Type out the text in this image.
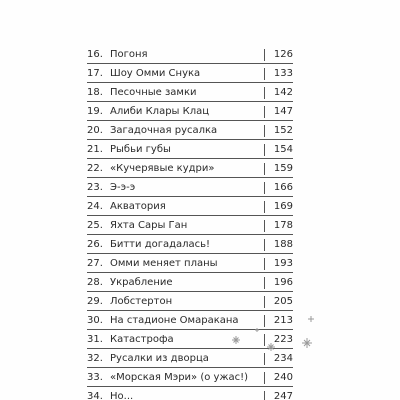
16. Погоня	126
17. Шоу Омми Снука	133
18. Песочные замки	142
19. Алиби Клары Клац	147
20. Загадочная русалка	152
21. Рыбьи губы	154
22. «Кучерявые кудри»	159
23. Э-э-э	166
24. Акватория	169
25. Яхта Сары Ган	178
26. Битти догадалась!	188
27. Омми меняет планы	193
28. Украбление	196
29. Лобстертон	205
30. На стадионе Омаракана	213
31. Катастрофа	223
32. Русалки из дворца	234
33. «Морская Мэри» (о ужас!)	240
34. Но...	247
